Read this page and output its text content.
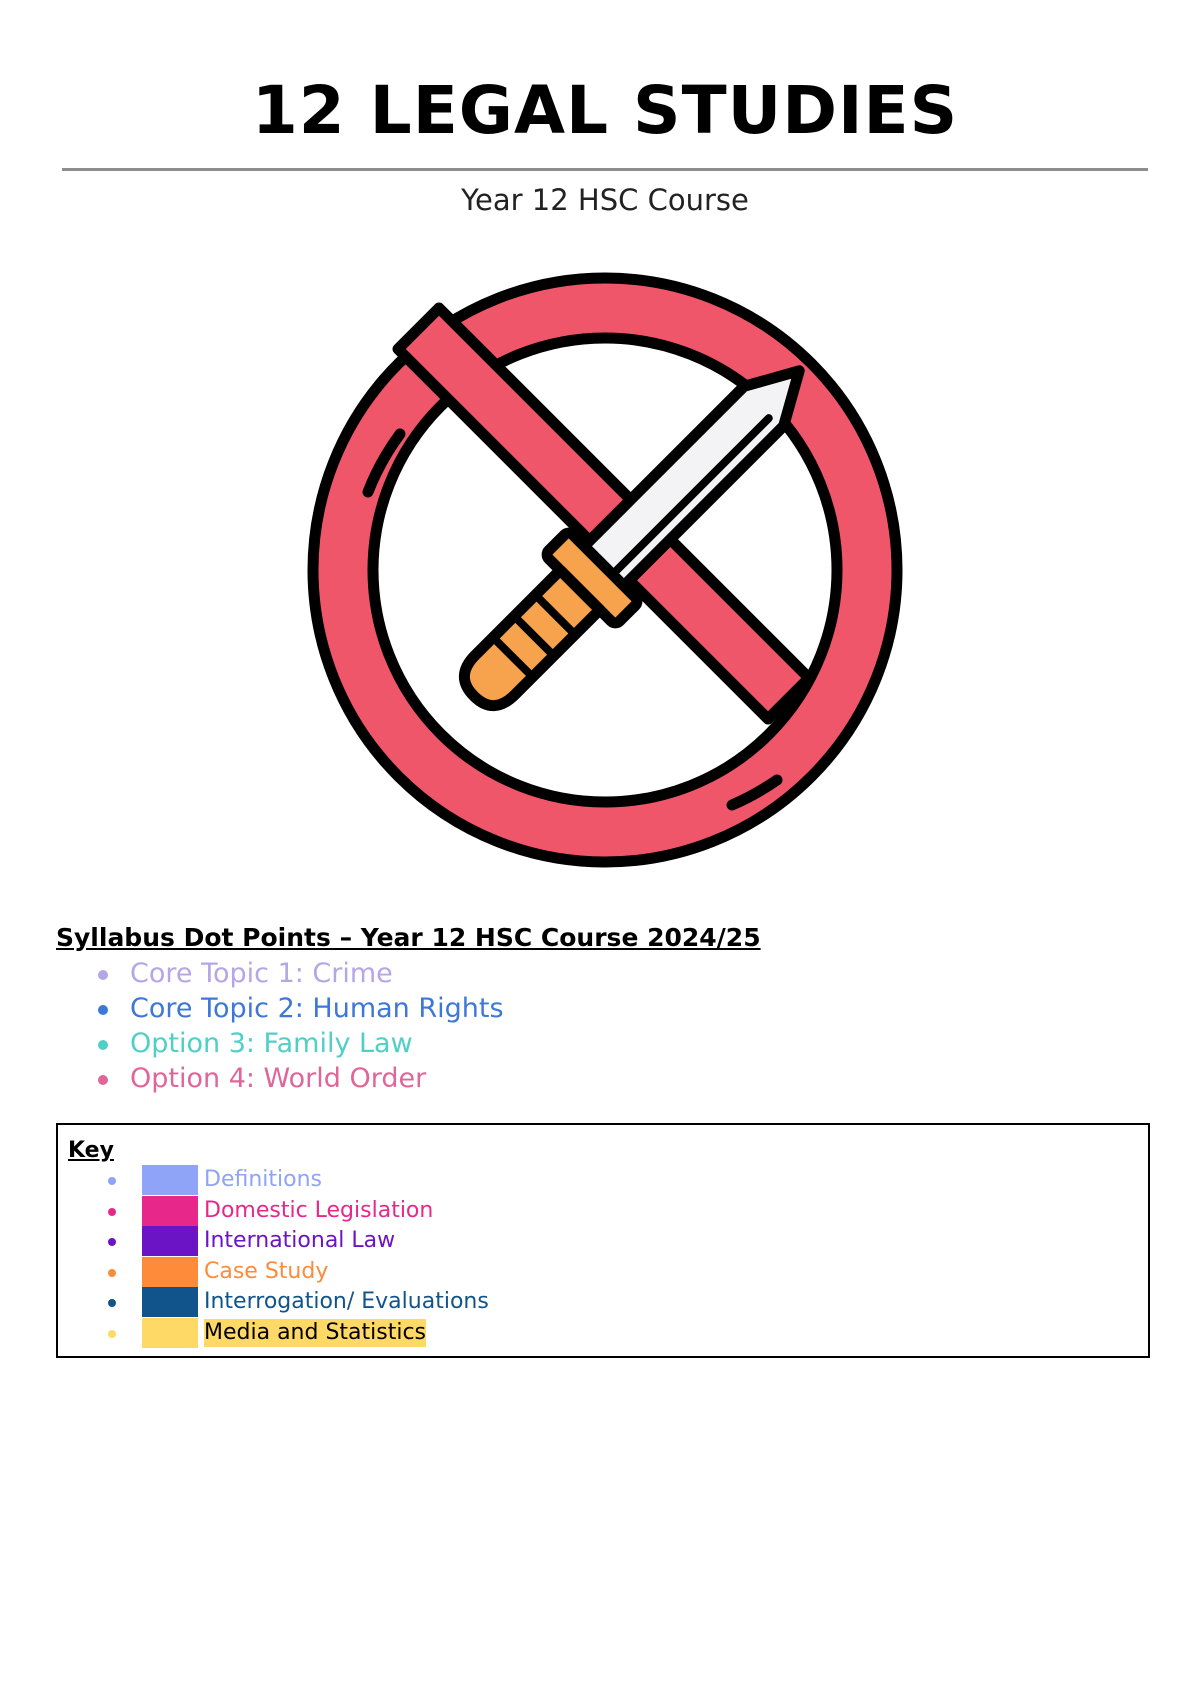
12 LEGAL STUDIES
Year 12 HSC Course

Syllabus Dot Points – Year 12 HSC Course 2024/25

Core Topic 1: Crime
Core Topic 2: Human Rights
Option 3: Family Law
Option 4: World Order
Key
Definitions
Domestic Legislation
International Law
Case Study
Interrogation/ Evaluations
Media and Statistics
